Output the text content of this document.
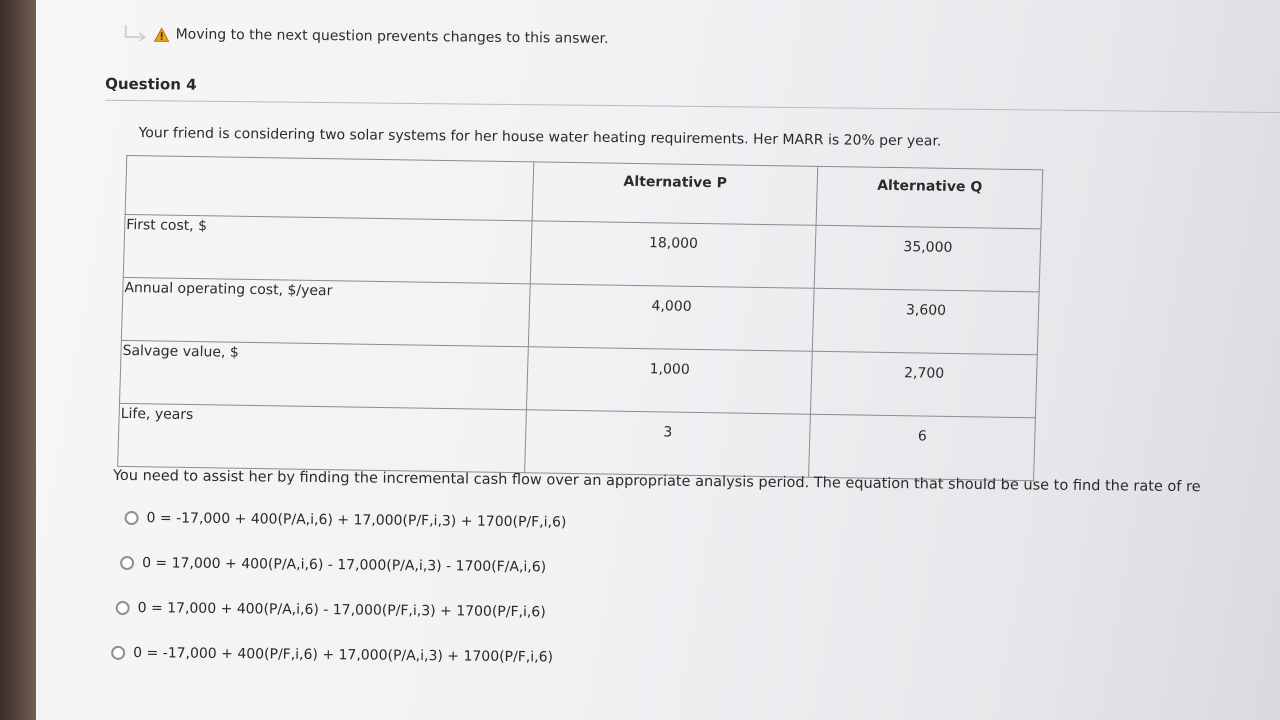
Moving to the next question prevents changes to this answer.
Question 4
Your friend is considering two solar systems for her house water heating requirements. Her MARR is 20% per year.
	Alternative P	Alternative Q
First cost, $	18,000	35,000
Annual operating cost, $/year	4,000	3,600
Salvage value, $	1,000	2,700
Life, years	3	6
You need to assist her by finding the incremental cash flow over an appropriate analysis period. The equation that should be use to find the rate of re
0 = -17,000 + 400(P/A,i,6) + 17,000(P/F,i,3) + 1700(P/F,i,6)
0 = 17,000 + 400(P/A,i,6) - 17,000(P/A,i,3) - 1700(F/A,i,6)
0 = 17,000 + 400(P/A,i,6) - 17,000(P/F,i,3) + 1700(P/F,i,6)
0 = -17,000 + 400(P/F,i,6) + 17,000(P/A,i,3) + 1700(P/F,i,6)
